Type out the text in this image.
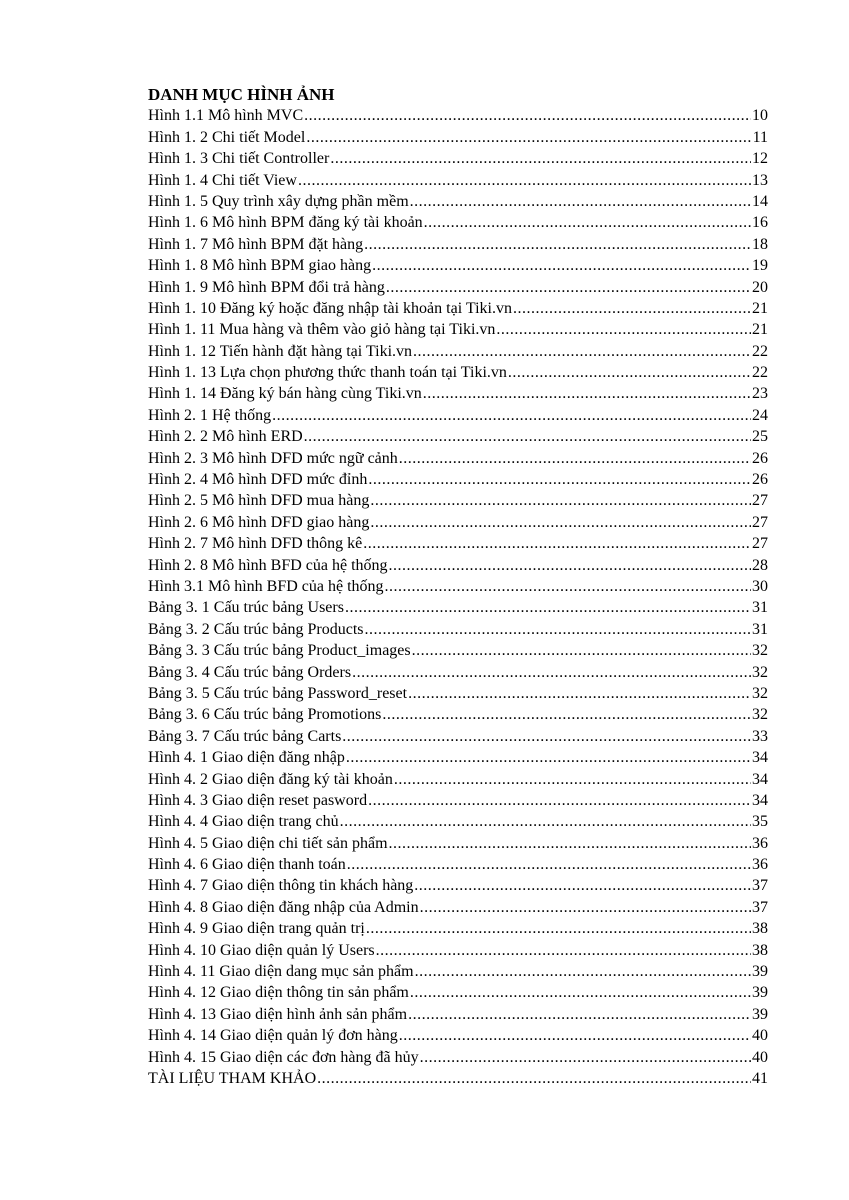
DANH MỤC HÌNH ẢNH
Hình 1.1 Mô hình MVC .....	10
Hình 1. 2 Chi tiết Model .....	11
Hình 1. 3 Chi tiết Controller .....	12
Hình 1. 4 Chi tiết View .....	13
Hình 1. 5 Quy trình xây dựng phần mềm .....	14
Hình 1. 6 Mô hình BPM đăng ký tài khoản .....	16
Hình 1. 7 Mô hình BPM đặt hàng .....	18
Hình 1. 8 Mô hình BPM giao hàng .....	19
Hình 1. 9 Mô hình BPM đổi trả hàng .....	20
Hình 1. 10 Đăng ký hoặc đăng nhập tài khoản tại Tiki.vn .....	21
Hình 1. 11 Mua hàng và thêm vào giỏ hàng tại Tiki.vn .....	21
Hình 1. 12 Tiến hành đặt hàng tại Tiki.vn .....	22
Hình 1. 13 Lựa chọn phương thức thanh toán tại Tiki.vn .....	22
Hình 1. 14 Đăng ký bán hàng cùng Tiki.vn .....	23
Hình 2. 1 Hệ thống .....	24
Hình 2. 2 Mô hình ERD .....	25
Hình 2. 3 Mô hình DFD mức ngữ cảnh .....	26
Hình 2. 4 Mô hình DFD mức đỉnh .....	26
Hình 2. 5 Mô hình DFD mua hàng .....	27
Hình 2. 6 Mô hình DFD giao hàng .....	27
Hình 2. 7 Mô hình DFD thông kê .....	27
Hình 2. 8 Mô hình BFD của hệ thống .....	28
Hình 3.1 Mô hình BFD của hệ thống .....	30
Bảng 3. 1 Cấu trúc bảng Users .....	31
Bảng 3. 2 Cấu trúc bảng Products .....	31
Bảng 3. 3 Cấu trúc bảng Product_images .....	32
Bảng 3. 4 Cấu trúc bảng Orders .....	32
Bảng 3. 5 Cấu trúc bảng Password_reset .....	32
Bảng 3. 6 Cấu trúc bảng Promotions .....	32
Bảng 3. 7 Cấu trúc bảng Carts .....	33
Hình 4. 1 Giao diện đăng nhập .....	34
Hình 4. 2 Giao diện đăng ký tài khoản .....	34
Hình 4. 3 Giao diện reset pasword .....	34
Hình 4. 4 Giao diện trang chủ .....	35
Hình 4. 5 Giao diện chi tiết sản phẩm .....	36
Hình 4. 6 Giao diện thanh toán .....	36
Hình 4. 7 Giao diện thông tin khách hàng .....	37
Hình 4. 8 Giao diện đăng nhập của Admin .....	37
Hình 4. 9 Giao diện trang quản trị .....	38
Hình 4. 10 Giao diện quản lý Users .....	38
Hình 4. 11 Giao diện dang mục sản phẩm .....	39
Hình 4. 12 Giao diện thông tin sản phẩm .....	39
Hình 4. 13 Giao diện hình ảnh sản phẩm .....	39
Hình 4. 14 Giao diện quản lý đơn hàng .....	40
Hình 4. 15 Giao diện các đơn hàng đã hủy .....	40
TÀI LIỆU THAM KHẢO .....	41
